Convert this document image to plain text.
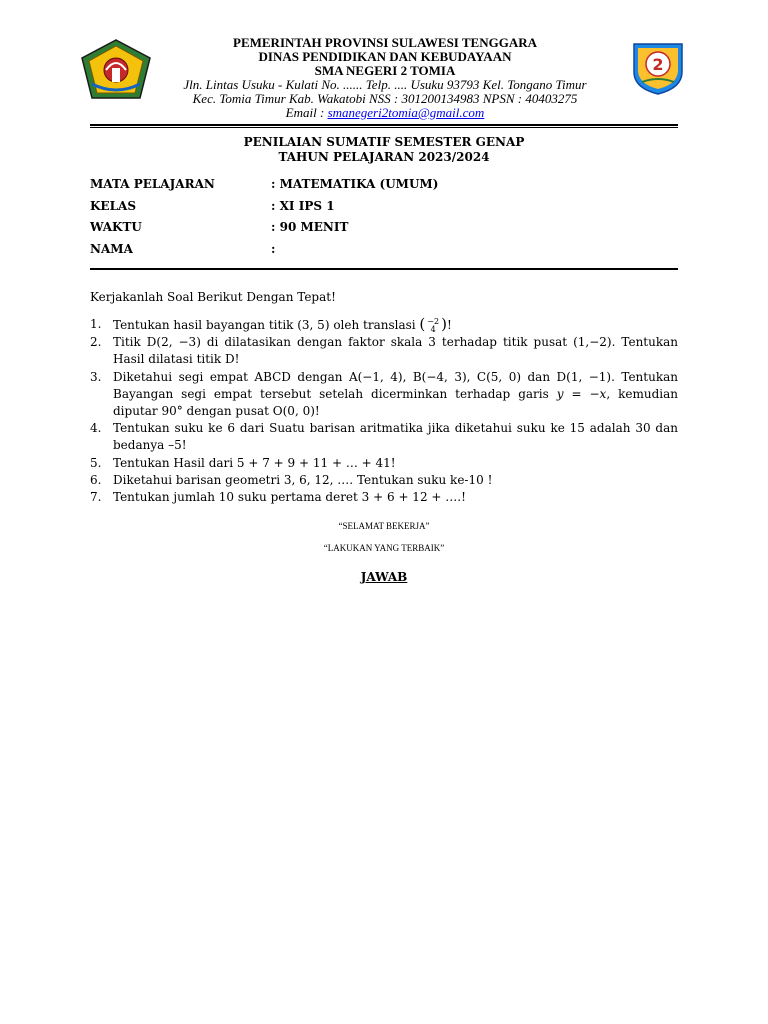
2
PEMERINTAH PROVINSI SULAWESI TENGGARA
DINAS PENDIDIKAN DAN KEBUDAYAAN
SMA NEGERI 2 TOMIA
Jln. Lintas Usuku - Kulati No. ...... Telp. .... Usuku 93793 Kel. Tongano Timur
Kec. Tomia Timur Kab. Wakatobi NSS : 301200134983 NPSN : 40403275
Email : smanegeri2tomia@gmail.com
PENILAIAN SUMATIF SEMESTER GENAP
TAHUN PELAJARAN 2023/2024
MATA PELAJARAN	: MATEMATIKA (UMUM)
KELAS	: XI IPS 1
WAKTU	: 90 MENIT
NAMA	:
Kerjakanlah Soal Berikut Dengan Tepat!
1. Tentukan hasil bayangan titik (3, 5) oleh translasi ( −2
4 )!
2. Titik D(2, −3) di dilatasikan dengan faktor skala 3 terhadap titik pusat (1,−2). Tentukan Hasil dilatasi titik D!
3. Diketahui segi empat ABCD dengan A(−1, 4), B(−4, 3), C(5, 0) dan D(1, −1). Tentukan Bayangan segi empat tersebut setelah dicerminkan terhadap garis 𝑦 = −𝑥, kemudian diputar 90° dengan pusat O(0, 0)!
4. Tentukan suku ke 6 dari Suatu barisan aritmatika jika diketahui suku ke 15 adalah 30 dan bedanya –5!
5. Tentukan Hasil dari 5 + 7 + 9 + 11 + … + 41!
6. Diketahui barisan geometri 3, 6, 12, …. Tentukan suku ke-10 !
7. Tentukan jumlah 10 suku pertama deret 3 + 6 + 12 + ….!
“SELAMAT BEKERJA”
“LAKUKAN YANG TERBAIK”
JAWAB
